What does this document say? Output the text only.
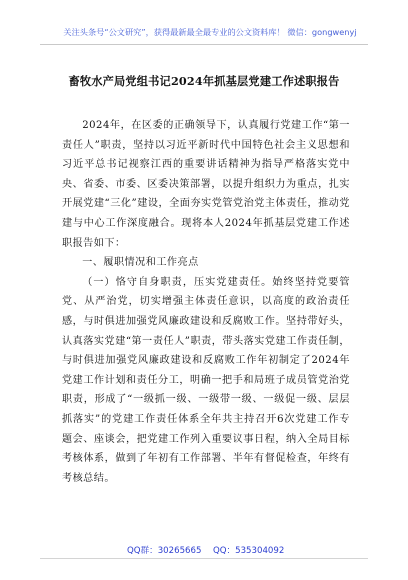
关注头条号“公文研究”，获得最新最全最专业的公文资料库！ 微信：gongwenyj
畜牧水产局党组书记2024年抓基层党建工作述职报告

2024年，在区委的正确领导下，认真履行党建工作“第一责任人”职责，坚持以习近平新时代中国特色社会主义思想和习近平总书记视察江西的重要讲话精神为指导严格落实党中央、省委、市委、区委决策部署，以提升组织力为重点，扎实开展党建“三化”建设，全面夯实党管党治党主体责任，推动党建与中心工作深度融合。现将本人2024年抓基层党建工作述职报告如下：

一、履职情况和工作亮点

（一）恪守自身职责，压实党建责任。始终坚持党要管党、从严治党，切实增强主体责任意识，以高度的政治责任感，与时俱进加强党风廉政建设和反腐败工作。坚持带好头，认真落实党建“第一责任人”职责，带头落实党建工作责任制，与时俱进加强党风廉政建设和反腐败工作年初制定了2024年党建工作计划和责任分工，明确一把手和局班子成员管党治党职责，形成了“一级抓一级、一级带一级、一级促一级、层层抓落实”的党建工作责任体系全年共主持召开6次党建工作专题会、座谈会，把党建工作列入重要议事日程，纳入全局目标考核体系，做到了年初有工作部署、半年有督促检查，年终有考核总结。

QQ群：30265665 QQ：535304092
